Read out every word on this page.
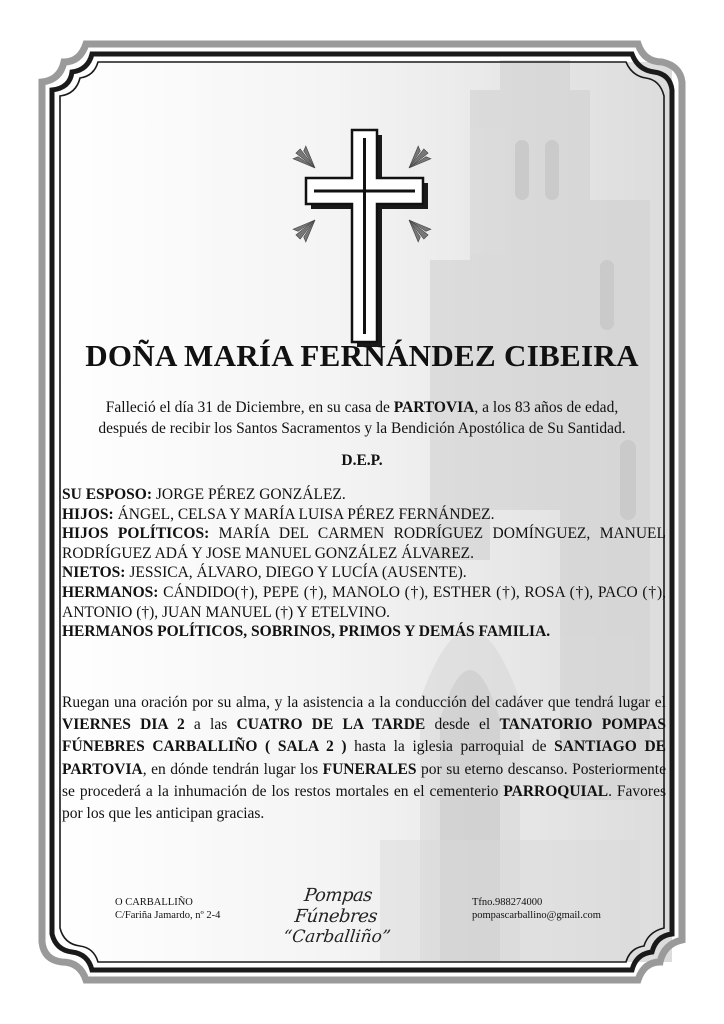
DOÑA MARÍA FERNÁNDEZ CIBEIRA
Falleció el día 31 de Diciembre, en su casa de PARTOVIA, a los 83 años de edad,
después de recibir los Santos Sacramentos y la Bendición Apostólica de Su Santidad.
D.E.P.

SU ESPOSO: JORGE PÉREZ GONZÁLEZ.

HIJOS: ÁNGEL, CELSA Y MARÍA LUISA PÉREZ FERNÁNDEZ.

HIJOS POLÍTICOS: MARÍA DEL CARMEN RODRÍGUEZ DOMÍNGUEZ, MANUEL RODRÍGUEZ ADÁ Y JOSE MANUEL GONZÁLEZ ÁLVAREZ.

NIETOS: JESSICA, ÁLVARO, DIEGO Y LUCÍA (AUSENTE).

HERMANOS: CÁNDIDO(†), PEPE (†), MANOLO (†), ESTHER (†), ROSA (†), PACO (†), ANTONIO (†), JUAN MANUEL (†) Y ETELVINO.

HERMANOS POLÍTICOS, SOBRINOS, PRIMOS Y DEMÁS FAMILIA.

Ruegan una oración por su alma, y la asistencia a la conducción del cadáver que tendrá lugar el VIERNES DIA 2 a las CUATRO DE LA TARDE desde el TANATORIO POMPAS FÚNEBRES CARBALLIÑO ( SALA 2 ) hasta la iglesia parroquial de SANTIAGO DE PARTOVIA, en dónde tendrán lugar los FUNERALES por su eterno descanso. Posteriormente se procederá a la inhumación de los restos mortales en el cementerio PARROQUIAL. Favores por los que les anticipan gracias.
O CARBALLIÑO
C/Fariña Jamardo, nº 2-4
Pompas Fúnebres
“Carballiño”
Tfno.988274000
pompascarballino@gmail.com
